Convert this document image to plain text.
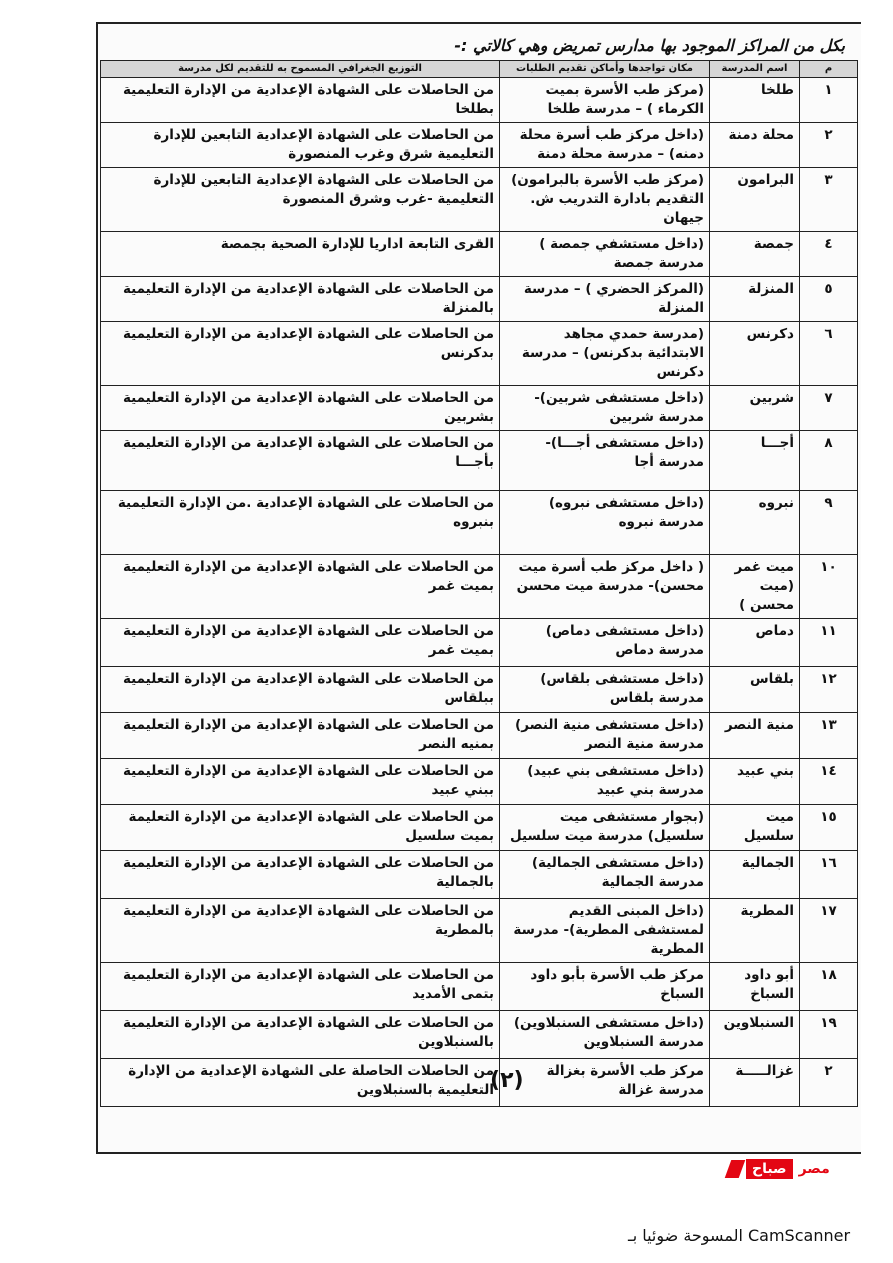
بكل من المراكز الموجود بها مدارس تمريض وهي كالاتي :-
م	اسم المدرسة	مكان تواجدها وأماكن تقديم الطلبات	التوزيع الجغرافي المسموح به للتقديم لكل مدرسة
١	طلخا	(مركز طب الأسرة بميت الكرماء ) – مدرسة طلخا	من الحاصلات على الشهادة الإعدادية من الإدارة التعليمية بطلخا
٢	محلة دمنة	(داخل مركز طب أسرة محلة دمنه) – مدرسة محلة دمنة	من الحاصلات على الشهادة الإعدادية التابعين للإدارة التعليمية شرق وغرب المنصورة
٣	البرامون	(مركز طب الأسرة بالبرامون) التقديم بادارة التدريب ش. جيهان	من الحاصلات على الشهادة الإعدادية التابعين للإدارة التعليمية -غرب وشرق المنصورة
٤	جمصة	(داخل مستشفي جمصة ) مدرسة جمصة	القرى التابعة اداريا للإدارة الصحية بجمصة
٥	المنزلة	(المركز الحضري ) – مدرسة المنزلة	من الحاصلات على الشهادة الإعدادية من الإدارة التعليمية بالمنزلة
٦	دكرنس	(مدرسة حمدي مجاهد الابتدائية بدكرنس) – مدرسة دكرنس	من الحاصلات على الشهادة الإعدادية من الإدارة التعليمية بدكرنس
٧	شربين	(داخل مستشفى شربين)- مدرسة شربين	من الحاصلات على الشهادة الإعدادية من الإدارة التعليمية بشربين
٨	أجـــا	(داخل مستشفى أجـــا)- مدرسة أجا	من الحاصلات على الشهادة الإعدادية من الإدارة التعليمية بأجـــا
٩	نبروه	(داخل مستشفى نبروه) مدرسة نبروه	من الحاصلات على الشهادة الإعدادية .من الإدارة التعليمية بنبروه
١٠	ميت غمر (ميت محسن )	( داخل مركز طب أسرة ميت محسن)- مدرسة ميت محسن	من الحاصلات على الشهادة الإعدادية من الإدارة التعليمية بميت غمر
١١	دماص	(داخل مستشفى دماص) مدرسة دماص	من الحاصلات على الشهادة الإعدادية من الإدارة التعليمية بميت غمر
١٢	بلقاس	(داخل مستشفى بلقاس) مدرسة بلقاس	من الحاصلات على الشهادة الإعدادية من الإدارة التعليمية ببلقاس
١٣	منية النصر	(داخل مستشفى منية النصر) مدرسة منية النصر	من الحاصلات على الشهادة الإعدادية من الإدارة التعليمية بمنيه النصر
١٤	بني عبيد	(داخل مستشفى بني عبيد) مدرسة بني عبيد	من الحاصلات على الشهادة الإعدادية من الإدارة التعليمية ببني عبيد
١٥	ميت سلسيل	(بجوار مستشفى ميت سلسيل) مدرسة ميت سلسيل	من الحاصلات على الشهادة الإعدادية من الإدارة التعليمة بميت سلسيل
١٦	الجمالية	(داخل مستشفى الجمالية) مدرسة الجمالية	من الحاصلات على الشهادة الإعدادية من الإدارة التعليمية بالجمالية
١٧	المطرية	(داخل المبنى القديم لمستشفى المطرية)- مدرسة المطرية	من الحاصلات على الشهادة الإعدادية من الإدارة التعليمية بالمطرية
١٨	أبو داود السباخ	مركز طب الأسرة بأبو داود السباخ	من الحاصلات على الشهادة الإعدادية من الإدارة التعليمية بتمى الأمديد
١٩	السنبلاوين	(داخل مستشفى السنبلاوين) مدرسة السنبلاوين	من الحاصلات على الشهادة الإعدادية من الإدارة التعليمية بالسنبلاوين
٢	غزالـــــة	مركز طب الأسرة بغزالة مدرسة غزالة	من الحاصلات الحاصلة على الشهادة الإعدادية من الإدارة التعليمية بالسنبلاوين
(٢)
صباح مصر
المسوحة ضوئيا بـ CamScanner
